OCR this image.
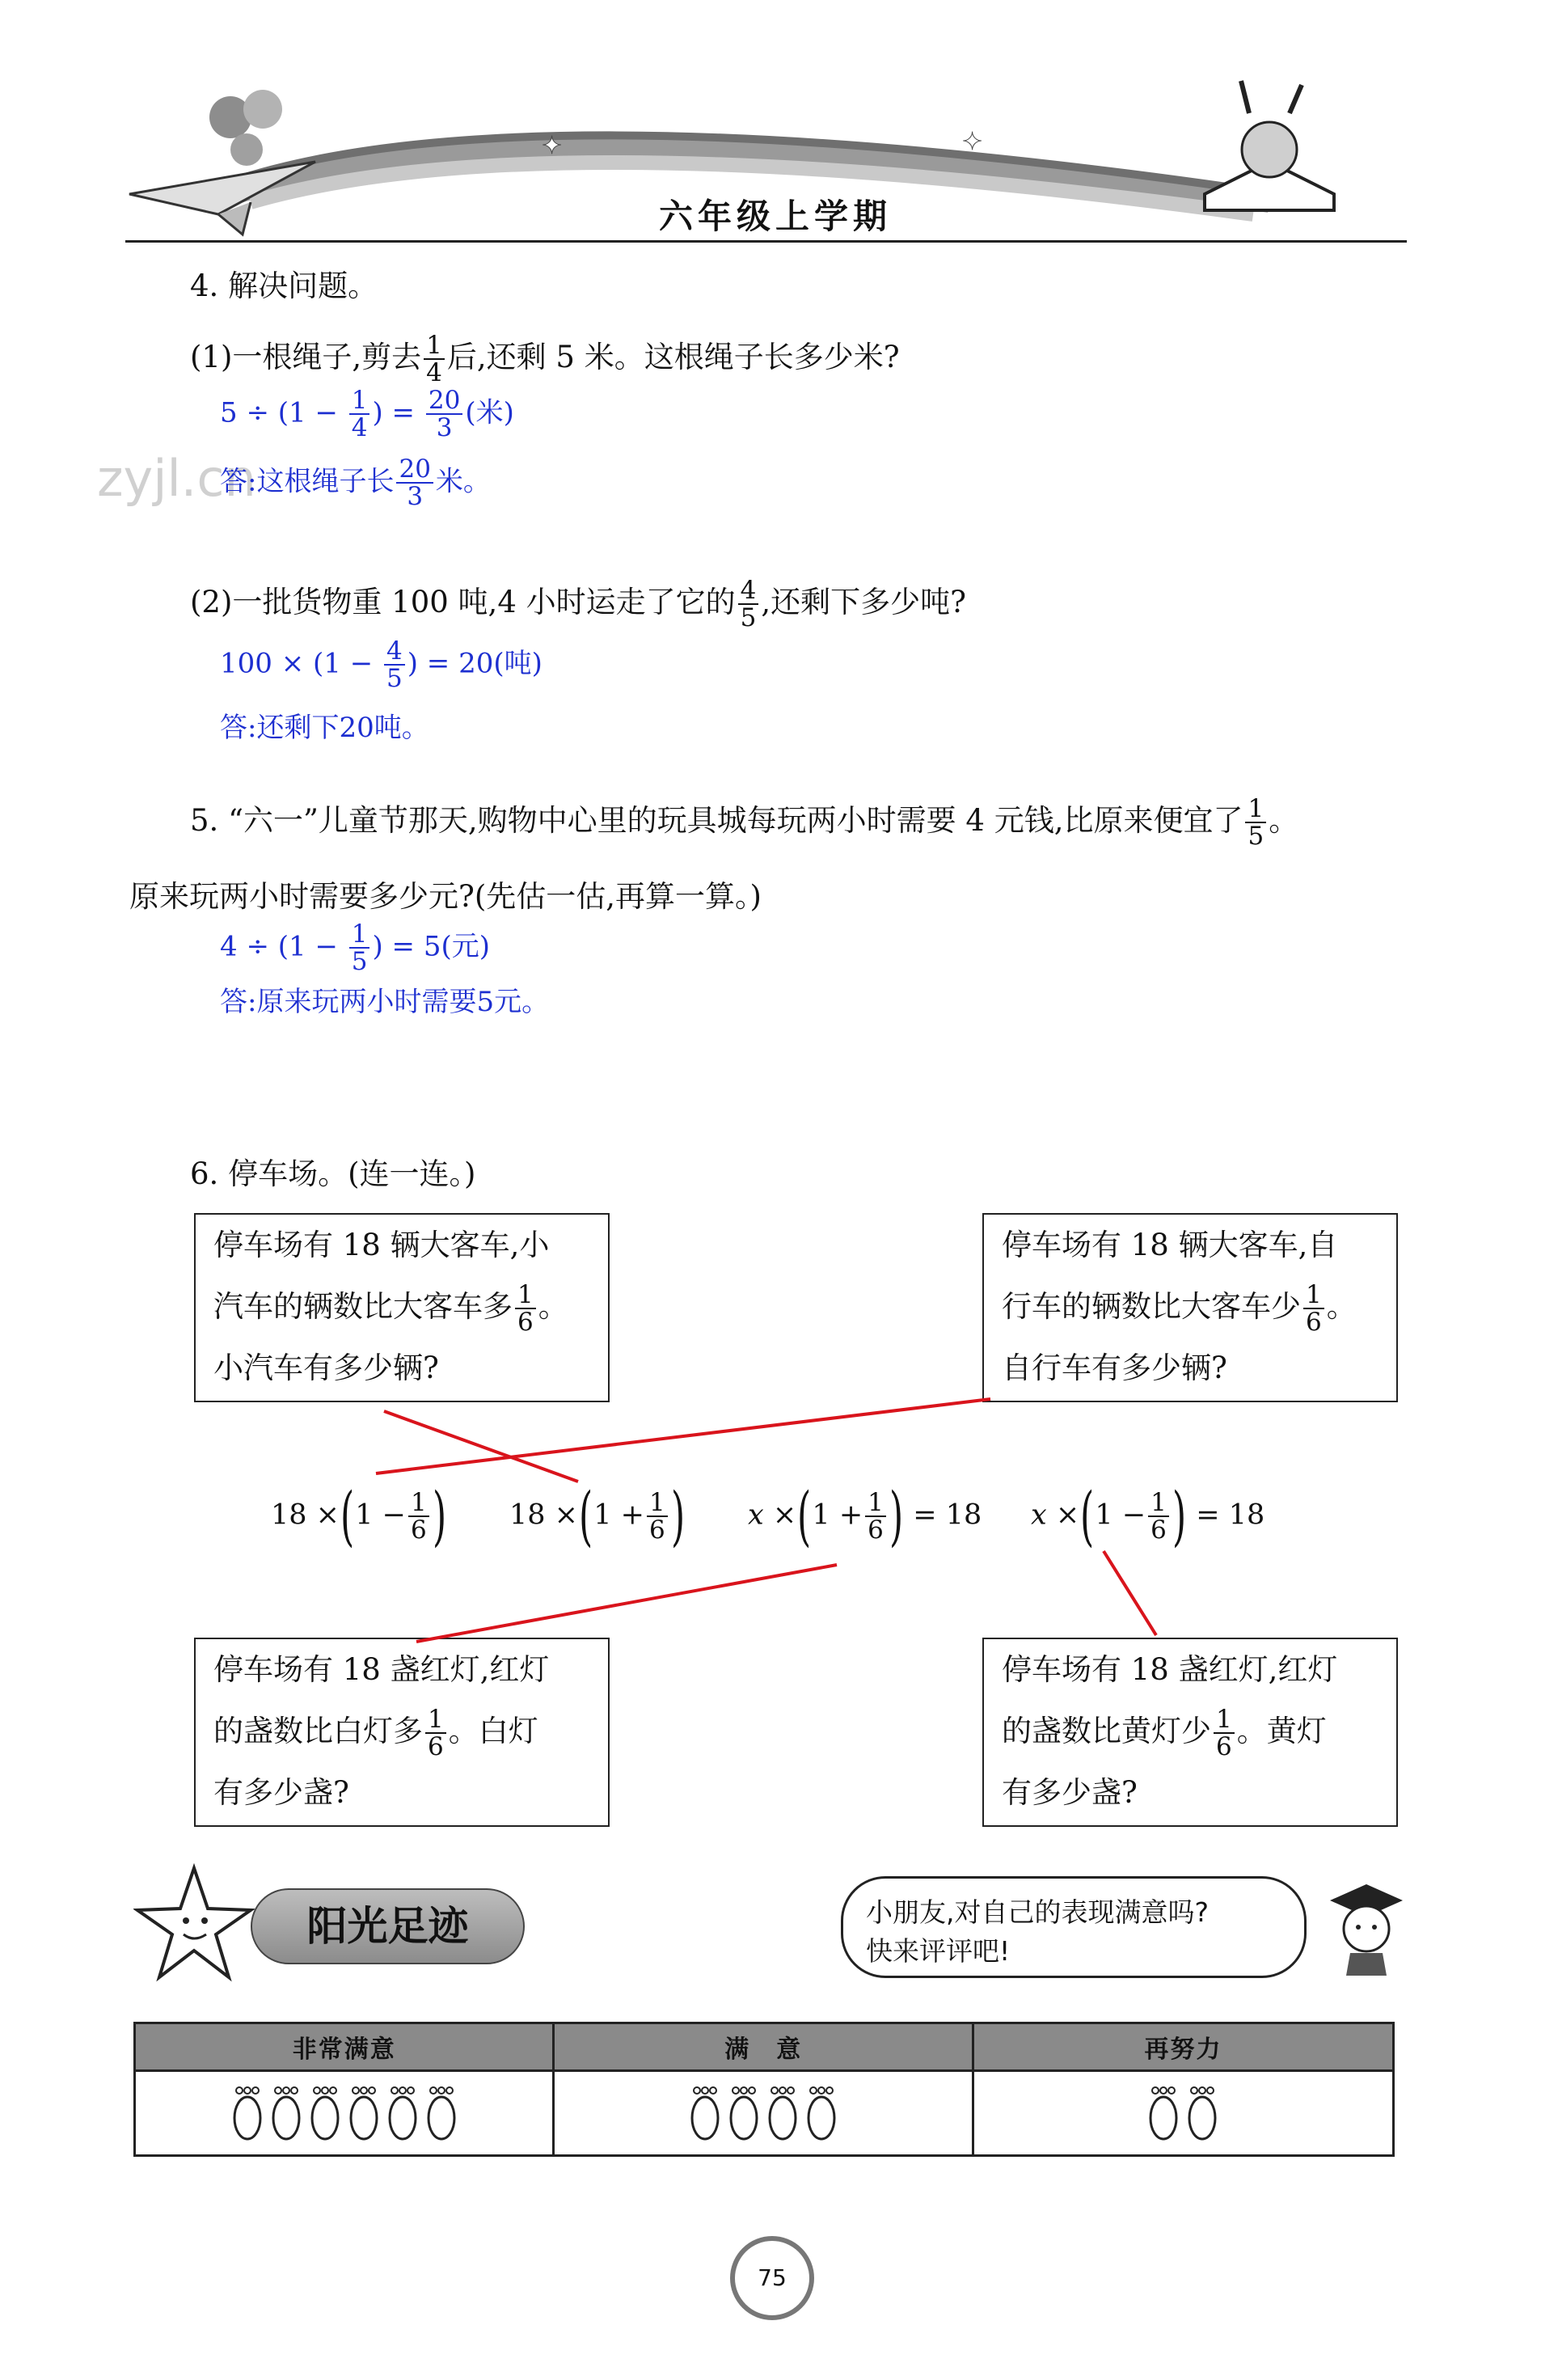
✦	✦
六年级上学期
zyjl.cn
4. 解决问题。
(1)一根绳子,剪去 $\frac{1}{4}$ 后,还剩 5 米。这根绳子长多少米?
$5 \div (1 - \frac{1}{4}$ ) = $\frac{20}{3}$ (米)
答:这根绳子长 $\frac{20}{3}$ 米。
(2)一批货物重 100 吨,4 小时运走了它的 $\frac{4}{5}$ ,还剩下多少吨?
$100 \times (1 - \frac{4}{5}$ ) = 20(吨)
答:还剩下20吨。
5. “六一”儿童节那天,购物中心里的玩具城每玩两小时需要 4 元钱,比原来便宜了 $\frac{1}{5}$ 。
原来玩两小时需要多少元?(先估一估,再算一算。)
$4 \div (1 - \frac{1}{5}$ ) = 5(元)
答:原来玩两小时需要5元。
6. 停车场。(连一连。)
停车场有 18 辆大客车,小
汽车的辆数比大客车多 $\frac{1}{6}$ 。
小汽车有多少辆?
停车场有 18 辆大客车,自
行车的辆数比大客车少 $\frac{1}{6}$ 。
自行车有多少辆?
$18 \times(1 - \frac{1}{6}$ ) $18 \times(1 + \frac{1}{6}$ ) $x \times(1 + \frac{1}{6}$ ) = 18 $x \times(1 - \frac{1}{6}$ ) = 18
停车场有 18 盏红灯,红灯
的盏数比白灯多 $\frac{1}{6}$ 。白灯
有多少盏?
停车场有 18 盏红灯,红灯
的盏数比黄灯少 $\frac{1}{6}$ 。黄灯
有多少盏?
阳光足迹	小朋友,对自己的表现满意吗?
快来评评吧!
非常满意	满　意	再努力

75
